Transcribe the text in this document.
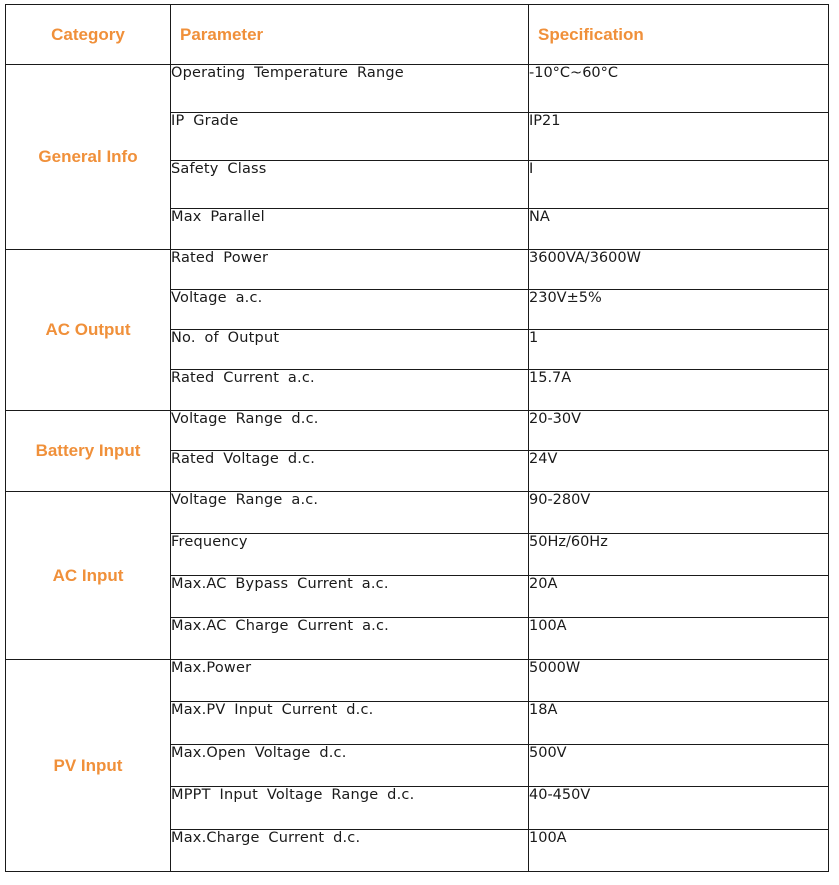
Category	Parameter	Specification
General Info	Operating Temperature Range	-10°C~60°C
	IP Grade	IP21
	Safety Class	I
	Max Parallel	NA
AC Output	Rated Power	3600VA/3600W
	Voltage a.c.	230V±5%
	No. of Output	1
	Rated Current a.c.	15.7A
Battery Input	Voltage Range d.c.	20-30V
	Rated Voltage d.c.	24V
AC Input	Voltage Range a.c.	90-280V
	Frequency	50Hz/60Hz
	Max.AC Bypass Current a.c.	20A
	Max.AC Charge Current a.c.	100A
PV Input	Max.Power	5000W
	Max.PV Input Current d.c.	18A
	Max.Open Voltage d.c.	500V
	MPPT Input Voltage Range d.c.	40-450V
	Max.Charge Current d.c.	100A
